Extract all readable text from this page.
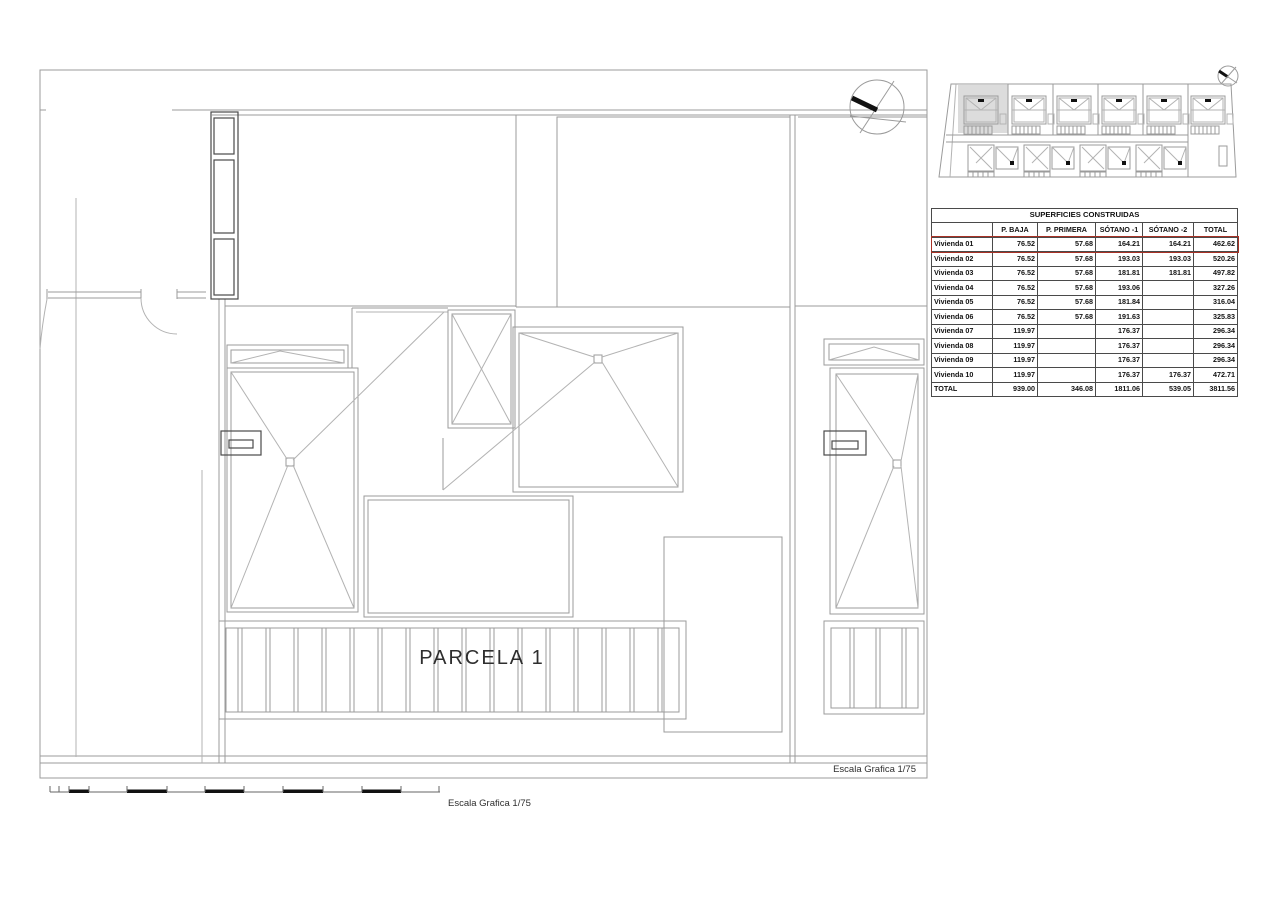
PARCELA 1
Escala Grafica 1/75
Escala Grafica 1/75
SUPERFICIES CONSTRUIDAS					
	P. BAJA	P. PRIMERA	SÓTANO -1	SÓTANO -2	TOTAL
Vivienda 01	76.52	57.68	164.21	164.21	462.62
Vivienda 02	76.52	57.68	193.03	193.03	520.26
Vivienda 03	76.52	57.68	181.81	181.81	497.82
Vivienda 04	76.52	57.68	193.06		327.26
Vivienda 05	76.52	57.68	181.84		316.04
Vivienda 06	76.52	57.68	191.63		325.83
Vivienda 07	119.97		176.37		296.34
Vivienda 08	119.97		176.37		296.34
Vivienda 09	119.97		176.37		296.34
Vivienda 10	119.97		176.37	176.37	472.71
TOTAL	939.00	346.08	1811.06	539.05	3811.56
